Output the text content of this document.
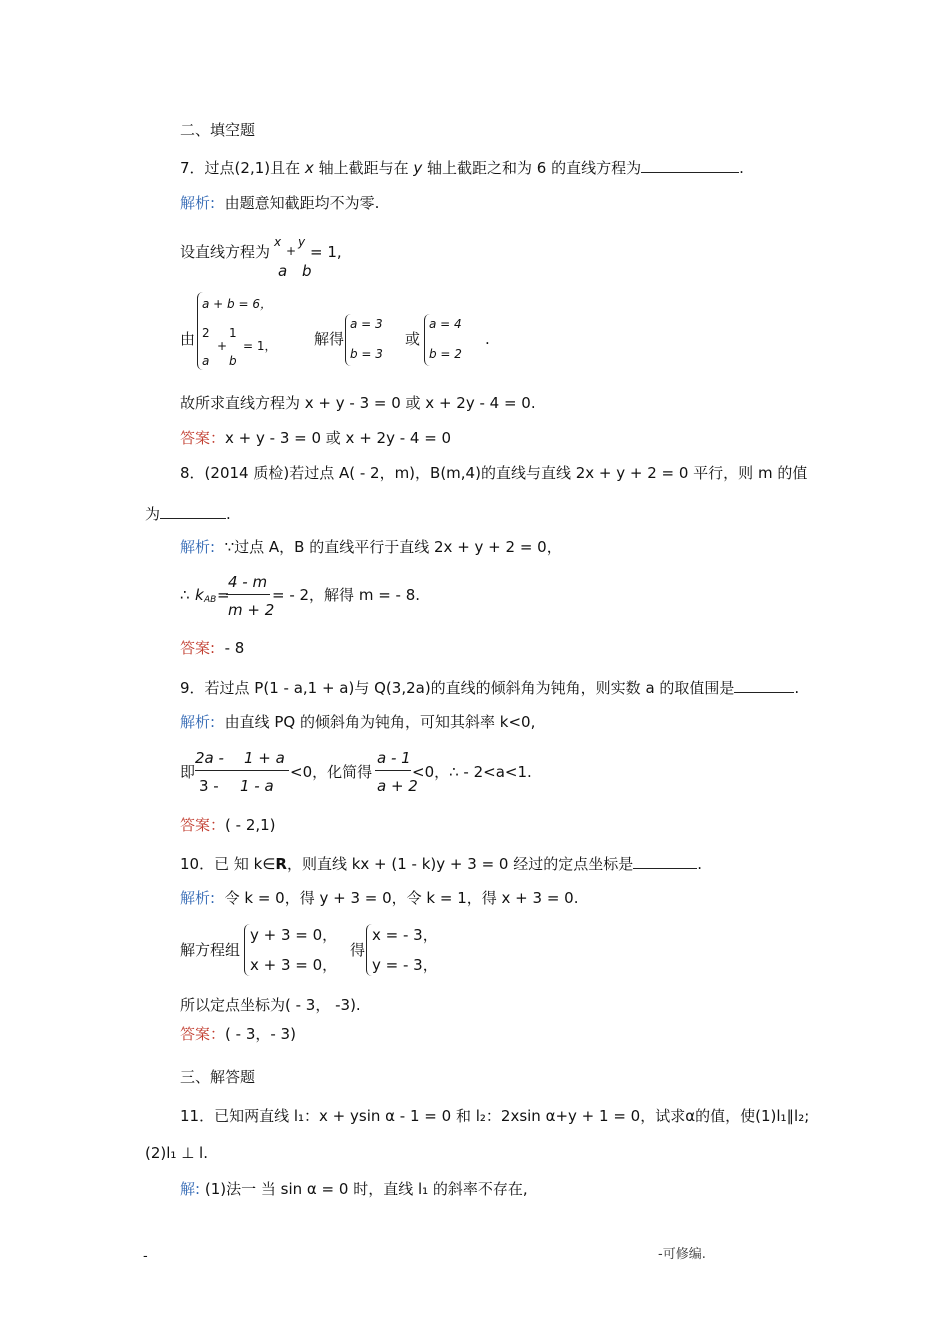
二、填空题
7．过点(2,1)且在 x 轴上截距与在 y 轴上截距之和为 6 的直线方程为	.
解析: 由题意知截距均不为零.
设直线方程为
x
+
y
= 1,
a b
由
a + b = 6，
2
+
1
= 1，
a b
解得
a = 3
b = 3
或
a = 4
b = 2
.
故所求直线方程为 x + y - 3 = 0 或 x + 2y - 4 = 0.
答案：x + y - 3 = 0 或 x + 2y - 4 = 0
8．(2014 质检)若过点 A( - 2，m)，B(m,4)的直线与直线 2x + y + 2 = 0 平行，则 m 的值
为	.
解析: ∵过点 A，B 的直线平行于直线 2x + y + 2 = 0，
∴ k AB =
4 - m
m + 2
= - 2，解得 m = - 8.
答案: - 8
9．若过点 P(1 - a,1 + a)与 Q(3,2a)的直线的倾斜角为钝角，则实数 a 的取值围是	.
解析: 由直线 PQ 的倾斜角为钝角，可知其斜率 k<0,
即
2a - 1 + a
3 - 1 - a
<0，化简得
a - 1
a + 2
<0，∴ - 2<a<1.
答案：( - 2,1)
10．已 知 k∈R，则直线 kx + (1 - k)y + 3 = 0 经过的定点坐标是	.
解析: 令 k = 0，得 y + 3 = 0，令 k = 1，得 x + 3 = 0.
解方程组
y + 3 = 0，
x + 3 = 0，
得
x = - 3，
y = - 3，
所以定点坐标为( - 3， -3).
答案：( - 3，- 3)
三、解答题
11．已知两直线 l₁：x + ysin α - 1 = 0 和 l₂：2xsin α+y + 1 = 0，试求α的值，使(1)l₁∥l₂;
(2)l₁ ⊥ l.
解: (1)法一 当 sin α = 0 时，直线 l₁ 的斜率不存在,
-	-可修编.
